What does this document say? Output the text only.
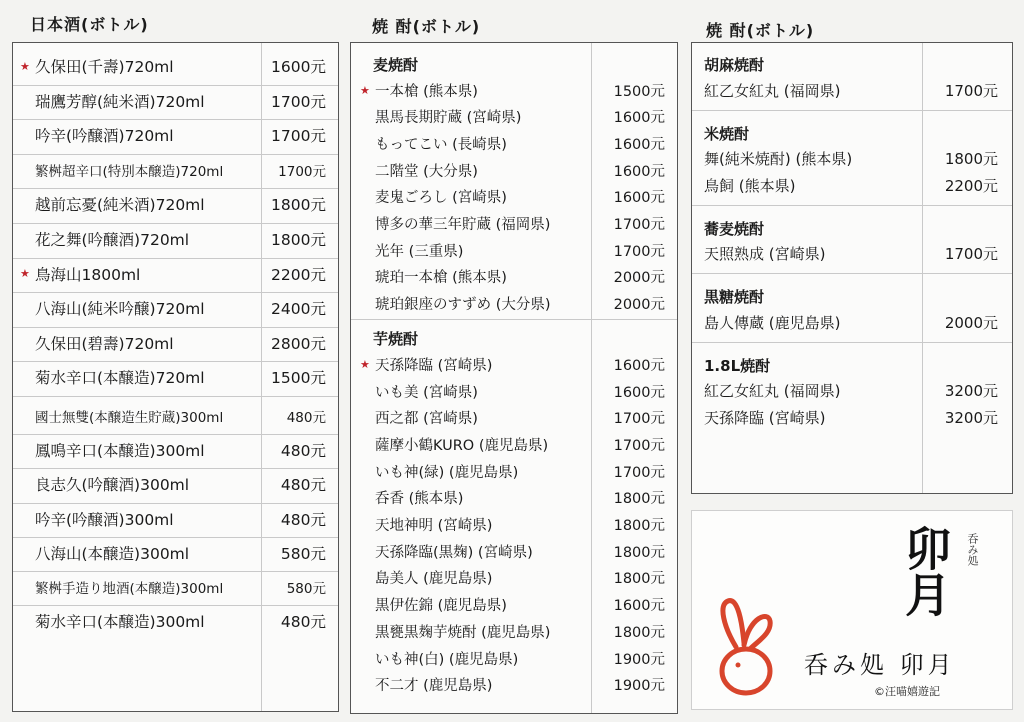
日本酒(ボトル)
★ 久保田(千壽)720ml	1600元
瑞鷹芳醇(純米酒)720ml	1700元
吟辛(吟醸酒)720ml	1700元
繁桝超辛口(特別本醸造)720ml	1700元
越前忘憂(純米酒)720ml	1800元
花之舞(吟醸酒)720ml	1800元
★ 鳥海山1800ml	2200元
八海山(純米吟醸)720ml	2400元
久保田(碧壽)720ml	2800元
菊水辛口(本醸造)720ml	1500元
國士無雙(本醸造生貯蔵)300ml	480元
鳳鳴辛口(本醸造)300ml	480元
良志久(吟醸酒)300ml	480元
吟辛(吟醸酒)300ml	480元
八海山(本醸造)300ml	580元
繁桝手造り地酒(本醸造)300ml	580元
菊水辛口(本醸造)300ml	480元
焼 酎(ボトル)
麦焼酎
★ 一本槍 (熊本県)	1500元
黒馬長期貯蔵 (宮崎県)	1600元
もってこい (長崎県)	1600元
二階堂 (大分県)	1600元
麦鬼ごろし (宮崎県)	1600元
博多の華三年貯蔵 (福岡県)	1700元
光年 (三重県)	1700元
琥珀一本槍 (熊本県)	2000元
琥珀銀座のすずめ (大分県)	2000元
芋焼酎
★ 天孫降臨 (宮崎県)	1600元
いも美 (宮崎県)	1600元
西之都 (宮崎県)	1700元
薩摩小鶴KURO (鹿児島県)	1700元
いも神(緑) (鹿児島県)	1700元
呑香 (熊本県)	1800元
天地神明 (宮崎県)	1800元
天孫降臨(黒麹) (宮崎県)	1800元
島美人 (鹿児島県)	1800元
黒伊佐錦 (鹿児島県)	1600元
黒甕黒麹芋焼酎 (鹿児島県)	1800元
いも神(白) (鹿児島県)	1900元
不二才 (鹿児島県)	1900元
焼 酎(ボトル)
胡麻焼酎
紅乙女紅丸 (福岡県)	1700元
米焼酎
舞(純米焼酎) (熊本県)	1800元
鳥飼 (熊本県)	2200元
蕎麦焼酎
天照熟成 (宮崎県)	1700元
黒糖焼酎
島人傳蔵 (鹿児島県)	2000元
1.8L焼酎
紅乙女紅丸 (福岡県)	3200元
天孫降臨 (宮崎県)	3200元
卯月 呑み処
呑み処 卯月
©汪喵嬉遊記
